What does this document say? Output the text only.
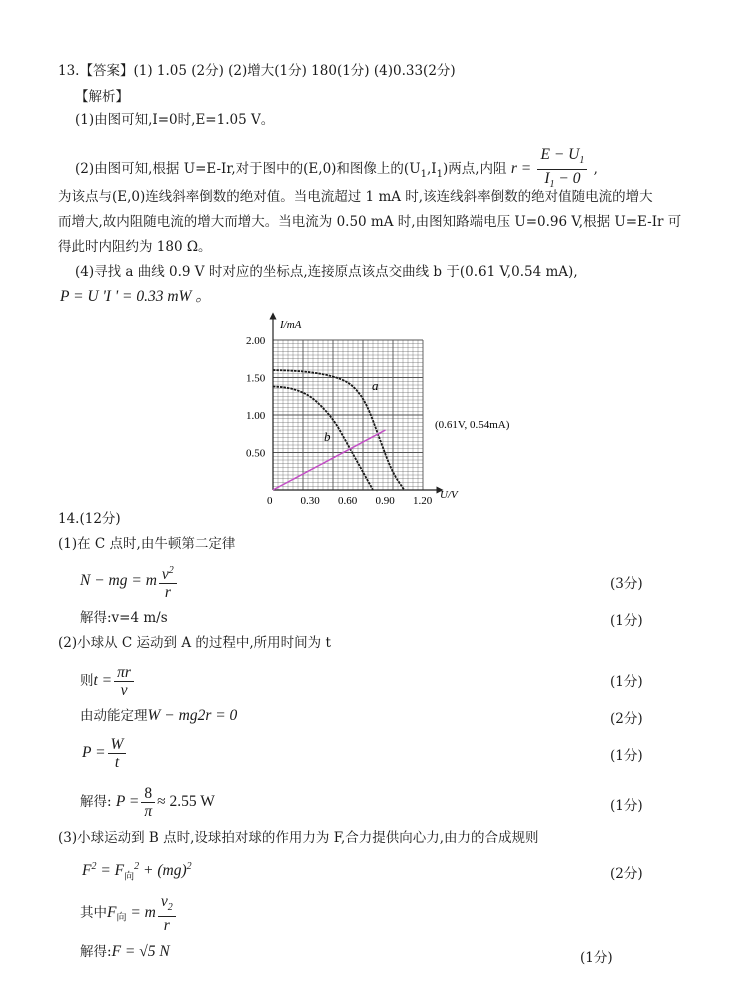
13.【答案】(1) 1.05 (2分) (2)增大(1分) 180(1分) (4)0.33(2分)
【解析】
(1)由图可知,I=0时,E=1.05 V。
(2)由图可知,根据 U=E-Ir,对于图中的(E,0)和图像上的$(U_1,I_1)$两点,内阻 $r = \frac{E - U_1}{I_1 - 0}$ ,
为该点与(E,0)连线斜率倒数的绝对值。当电流超过 1 mA 时,该连线斜率倒数的绝对值随电流的增大
而增大,故内阻随电流的增大而增大。当电流为 0.50 mA 时,由图知路端电压 U=0.96 V,根据 U=E-Ir 可
得此时内阻约为 180 Ω。
(4)寻找 a 曲线 0.9 V 时对应的坐标点,连接原点该点交曲线 b 于(0.61 V,0.54 mA),
P = U 'I ' = 0.33 mW 。
I/mA
U/V
0	0.30 0.60 0.90 1.20
0.50
1.00
1.50
2.00
a
b
(0.61V, 0.54mA)
14.(12分)
(1)在 C 点时,由牛顿第二定律
N − mg = m $\frac{v^2}{r}$	(3分)
解得:v=4 m/s	(1分)
(2)小球从 C 运动到 A 的过程中,所用时间为 t
则$t = \frac{\pi r}{v}$	(1分)
由动能定理W − mg2r = 0	(2分)
$P = \frac{W}{t}$	(1分)
解得: $P = \frac{8}{\pi} \approx 2.55$ W	(1分)
(3)小球运动到 B 点时,设球拍对球的作用力为 F,合力提供向心力,由力的合成规则
$F^2 = F_向^2 + (mg)^2$	(2分)
其中$F_向 = m \frac{v_2}{r}$
解得:F = √5 N	(1分)
